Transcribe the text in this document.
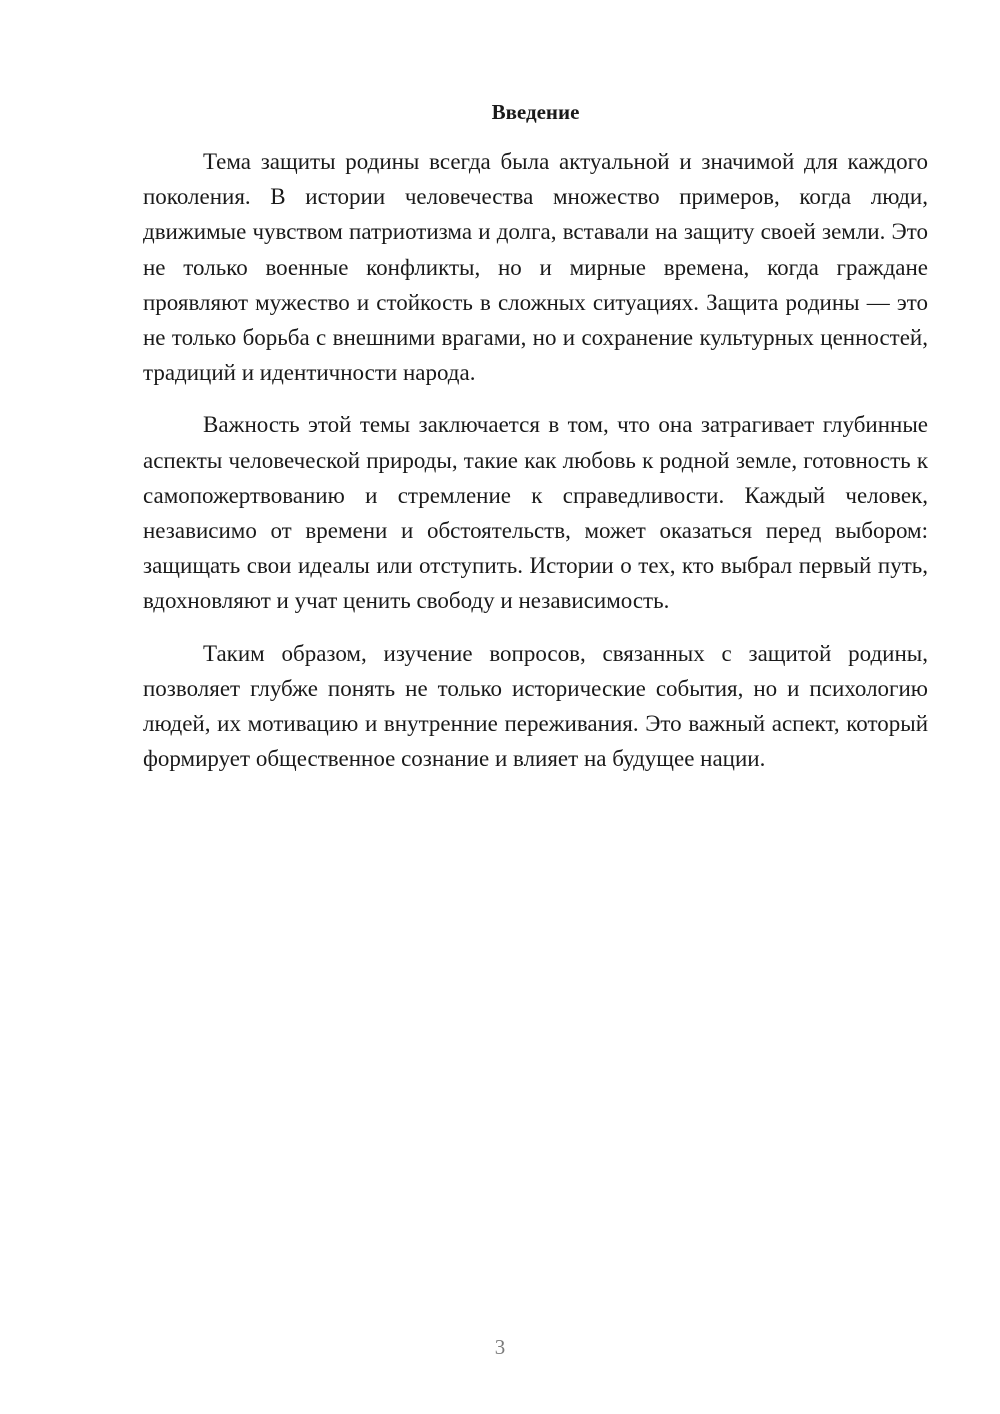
Введение

Тема защиты родины всегда была актуальной и значимой для каждого поколения. В истории человечества множество примеров, когда люди, движимые чувством патриотизма и долга, вставали на защиту своей земли. Это не только военные конфликты, но и мирные времена, когда граждане проявляют мужество и стойкость в сложных ситуациях. Защита родины — это не только борьба с внешними врагами, но и сохранение культурных ценностей, традиций и идентичности народа.

Важность этой темы заключается в том, что она затрагивает глубинные аспекты человеческой природы, такие как любовь к родной земле, готовность к самопожертвованию и стремление к справедливости. Каждый человек, независимо от времени и обстоятельств, может оказаться перед выбором: защищать свои идеалы или отступить. Истории о тех, кто выбрал первый путь, вдохновляют и учат ценить свободу и независимость.

Таким образом, изучение вопросов, связанных с защитой родины, позволяет глубже понять не только исторические события, но и психологию людей, их мотивацию и внутренние переживания. Это важный аспект, который формирует общественное сознание и влияет на будущее нации.

3
